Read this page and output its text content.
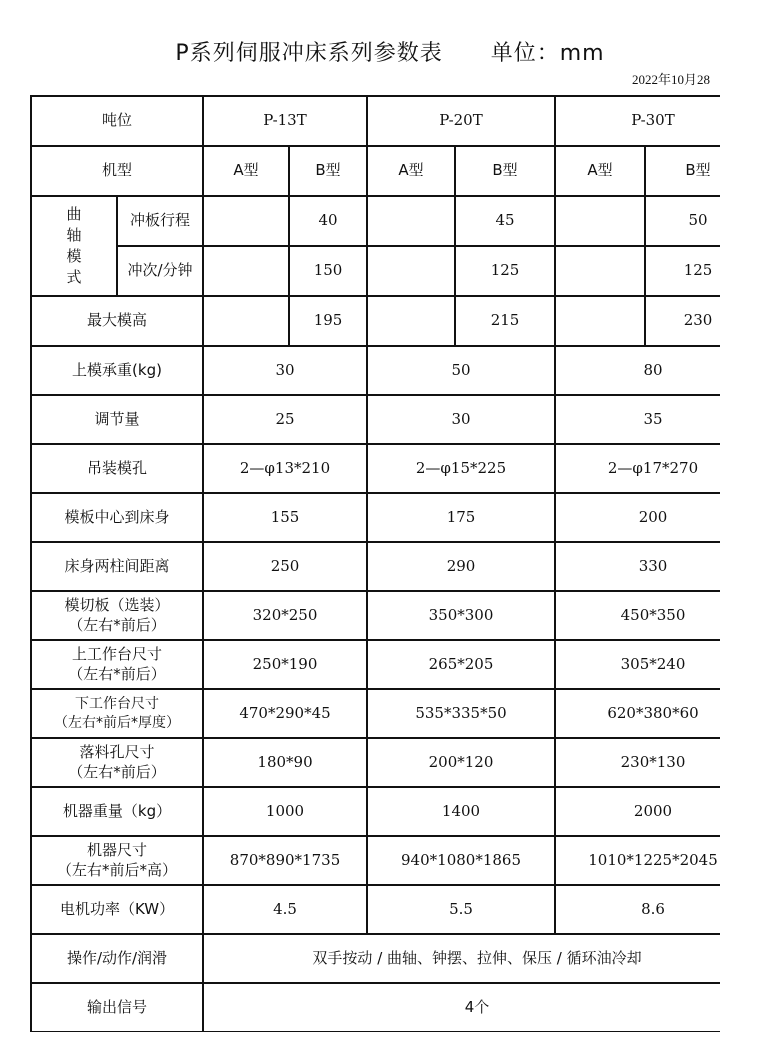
P系列伺服冲床系列参数表 单位：mm
2022年10月28
吨位		P-13T		P-20T		P-30T	
机型		A型	B型	A型	B型	A型	B型
曲
轴
模
式	冲板行程		40		45		50
	冲次/分钟		150		125		125
最大模高			195		215		230
上模承重(kg)		30		50		80	
调节量		25		30		35	
吊装模孔		2—φ13*210		2—φ15*225		2—φ17*270	
模板中心到床身		155		175		200	
床身两柱间距离		250		290		330	
模切板（选装）
（左右*前后）		320*250		350*300		450*350	
上工作台尺寸
（左右*前后）		250*190		265*205		305*240	
下工作台尺寸
（左右*前后*厚度）		470*290*45		535*335*50		620*380*60	
落料孔尺寸
（左右*前后）		180*90		200*120		230*130	
机器重量（kg）		1000		1400		2000	
机器尺寸
（左右*前后*高）		870*890*1735		940*1080*1865		1010*1225*2045	
电机功率（KW）		4.5		5.5		8.6	
操作/动作/润滑		双手按动 / 曲轴、钟摆、拉伸、保压 / 循环油冷却					
输出信号		4个					
